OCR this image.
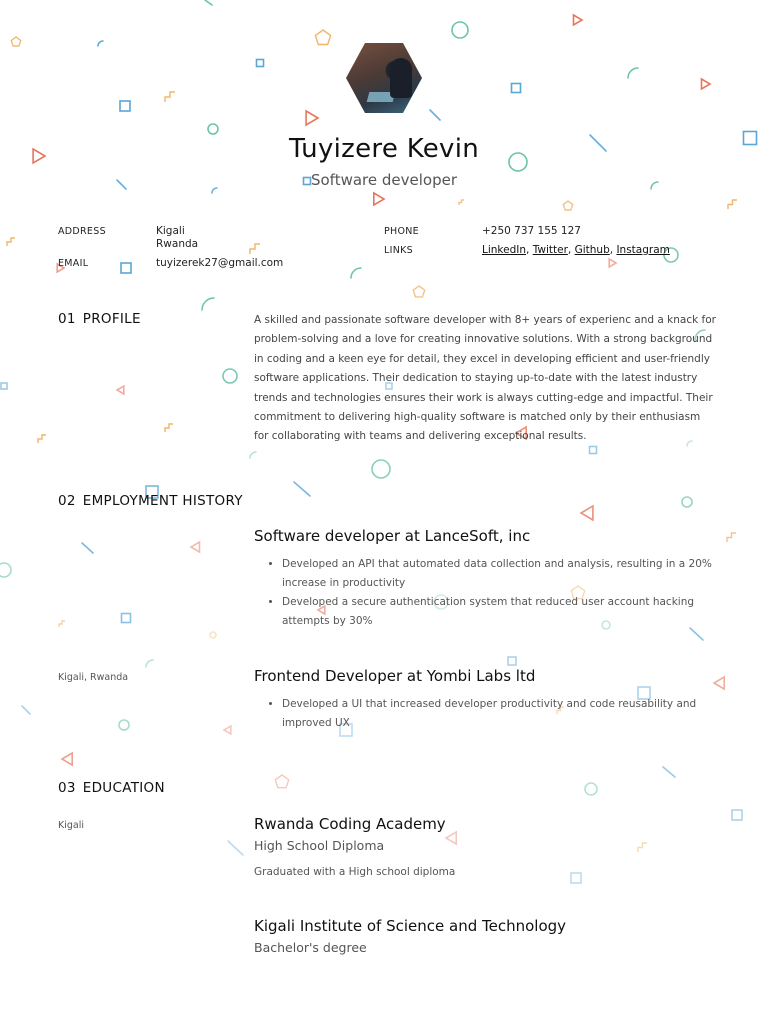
Tuyizere Kevin
Software developer
ADDRESS	Kigali
Rwanda
EMAIL	tuyizerek27@gmail.com
PHONE	+250 737 155 127
LINKS	LinkedIn, Twitter, Github, Instagram
01 PROFILE	A skilled and passionate software developer with 8+ years of experienc and a knack for problem-solving and a love for creating innovative solutions. With a strong background in coding and a keen eye for detail, they excel in developing efficient and user-friendly software applications. Their dedication to staying up-to-date with the latest industry trends and technologies ensures their work is always cutting-edge and impactful. Their commitment to delivering high-quality software is matched only by their enthusiasm for collaborating with teams and delivering exceptional results.
02 EMPLOYMENT HISTORY
Software developer at LanceSoft, inc
• Developed an API that automated data collection and analysis, resulting in a 20% increase in productivity
• Developed a secure authentication system that reduced user account hacking attempts by 30%
Kigali, Rwanda	Frontend Developer at Yombi Labs ltd
• Developed a UI that increased developer productivity and code reusability and improved UX
03 EDUCATION
Kigali	Rwanda Coding Academy
High School Diploma
Graduated with a High school diploma
Kigali Institute of Science and Technology
Bachelor's degree
